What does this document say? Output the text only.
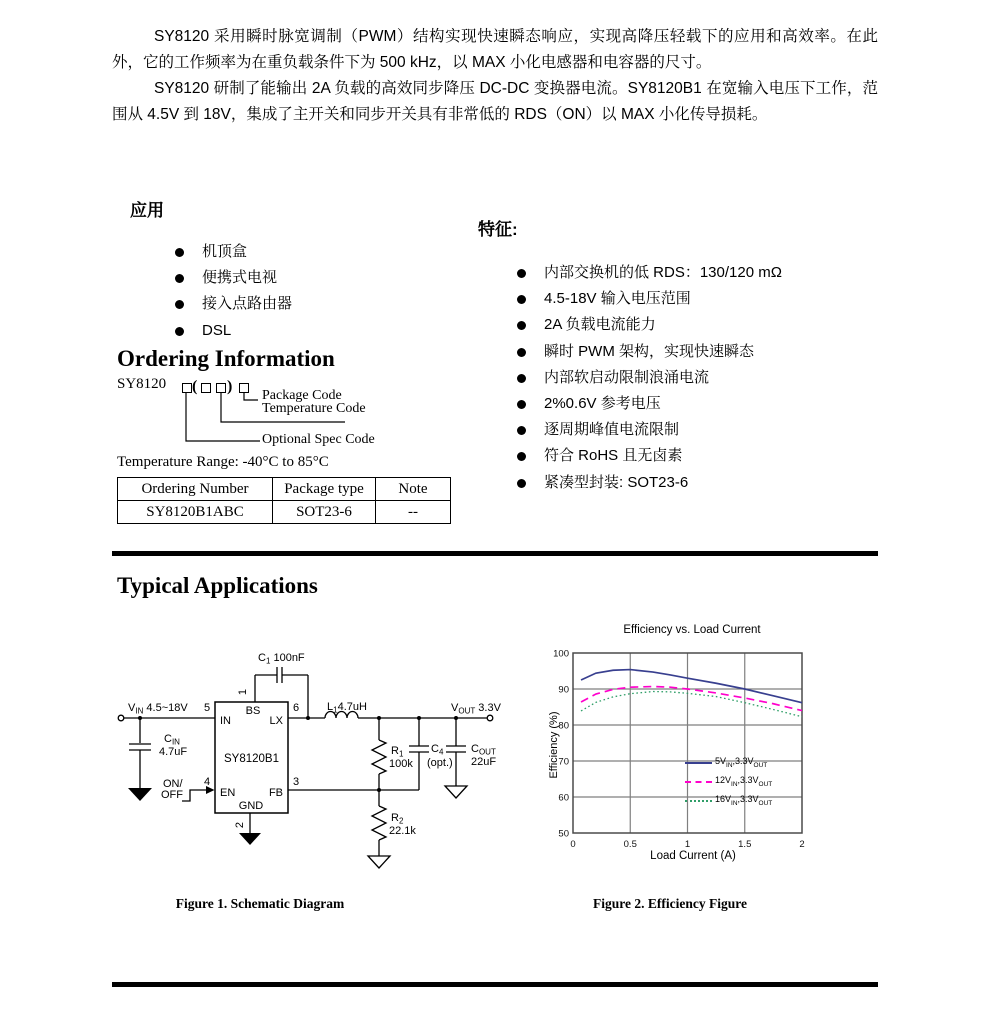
SY8120 采用瞬时脉宽调制（PWM）结构实现快速瞬态响应，实现高降压轻载下的应用和高效率。在此外，它的工作频率为在重负载条件下为 500 kHz，以 MAX 小化电感器和电容器的尺寸。

SY8120 研制了能输出 2A 负载的高效同步降压 DC-DC 变换器电流。SY8120B1 在宽输入电压下工作，范围从 4.5V 到 18V，集成了主开关和同步开关具有非常低的 RDS（ON）以 MAX 小化传导损耗。

应用
机顶盒
便携式电视
接入点路由器
DSL
特征:
内部交换机的低 RDS：130/120 mΩ
4.5-18V 输入电压范围
2A 负载电流能力
瞬时 PWM 架构，实现快速瞬态
内部软启动限制浪涌电流
2%0.6V 参考电压
逐周期峰值电流限制
符合 RoHS 且无卤素
紧凑型封装: SOT23-6
Ordering Information
SY8120 ( )
Package Code
Temperature Code
Optional Spec Code
Temperature Range: -40°C to 85°C
Ordering Number	Package type	Note
SY8120B1ABC	SOT23-6	--
Typical Applications
$V_{IN}$ 4.5~18V 5
$C_{IN}$
4.7uF
ON/
OFF
4
IN
BS
LX
EN	FB
GND
SY8120B1
1
$C_1$ 100nF
6	$L_14.7uH$	$V_{OUT}$ 3.3V
$R_1$
100k
3
$C_4$
(opt.)
$C_{OUT}$
22uF
$R_2$
22.1k
2
Efficiency vs. Load Current
Efficiency (%)
Load Current (A)
100
90
80
70
60
50
0	0.5	1	1.5	2
$5V_{IN},3.3V_{OUT}$
$12V_{IN},3.3V_{OUT}$
$16V_{IN},3.3V_{OUT}$
Figure 1. Schematic Diagram	Figure 2. Efficiency Figure
